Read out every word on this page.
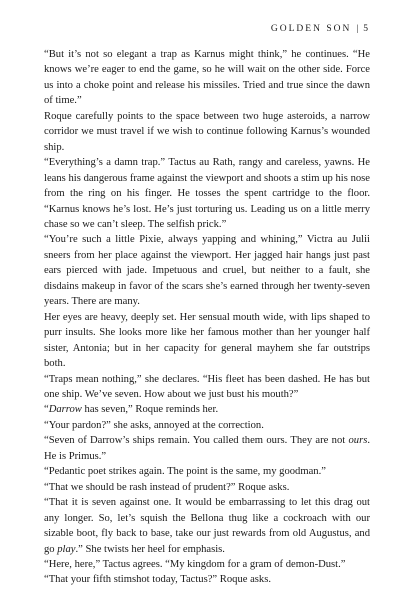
GOLDEN SON | 5

“But it’s not so elegant a trap as Karnus might think,” he continues. “He knows we’re eager to end the game, so he will wait on the other side. Force us into a choke point and release his missiles. Tried and true since the dawn of time.”

Roque carefully points to the space between two huge asteroids, a narrow corridor we must travel if we wish to continue following Karnus’s wounded ship.

“Everything’s a damn trap.” Tactus au Rath, rangy and careless, yawns. He leans his dangerous frame against the viewport and shoots a stim up his nose from the ring on his finger. He tosses the spent cartridge to the floor. “Karnus knows he’s lost. He’s just torturing us. Leading us on a little merry chase so we can’t sleep. The selfish prick.”

“You’re such a little Pixie, always yapping and whining,” Victra au Julii sneers from her place against the viewport. Her jagged hair hangs just past ears pierced with jade. Impetuous and cruel, but neither to a fault, she disdains makeup in favor of the scars she’s earned through her twenty-seven years. There are many.

Her eyes are heavy, deeply set. Her sensual mouth wide, with lips shaped to purr insults. She looks more like her famous mother than her younger half sister, Antonia; but in her capacity for general mayhem she far outstrips both.

“Traps mean nothing,” she declares. “His fleet has been dashed. He has but one ship. We’ve seven. How about we just bust his mouth?”

“Darrow has seven,” Roque reminds her.

“Your pardon?” she asks, annoyed at the correction.

“Seven of Darrow’s ships remain. You called them ours. They are not ours. He is Primus.”

“Pedantic poet strikes again. The point is the same, my goodman.”

“That we should be rash instead of prudent?” Roque asks.

“That it is seven against one. It would be embarrassing to let this drag out any longer. So, let’s squish the Bellona thug like a cockroach with our sizable boot, fly back to base, take our just rewards from old Augustus, and go play.” She twists her heel for emphasis.

“Here, here,” Tactus agrees. “My kingdom for a gram of demon-Dust.”

“That your fifth stimshot today, Tactus?” Roque asks.
